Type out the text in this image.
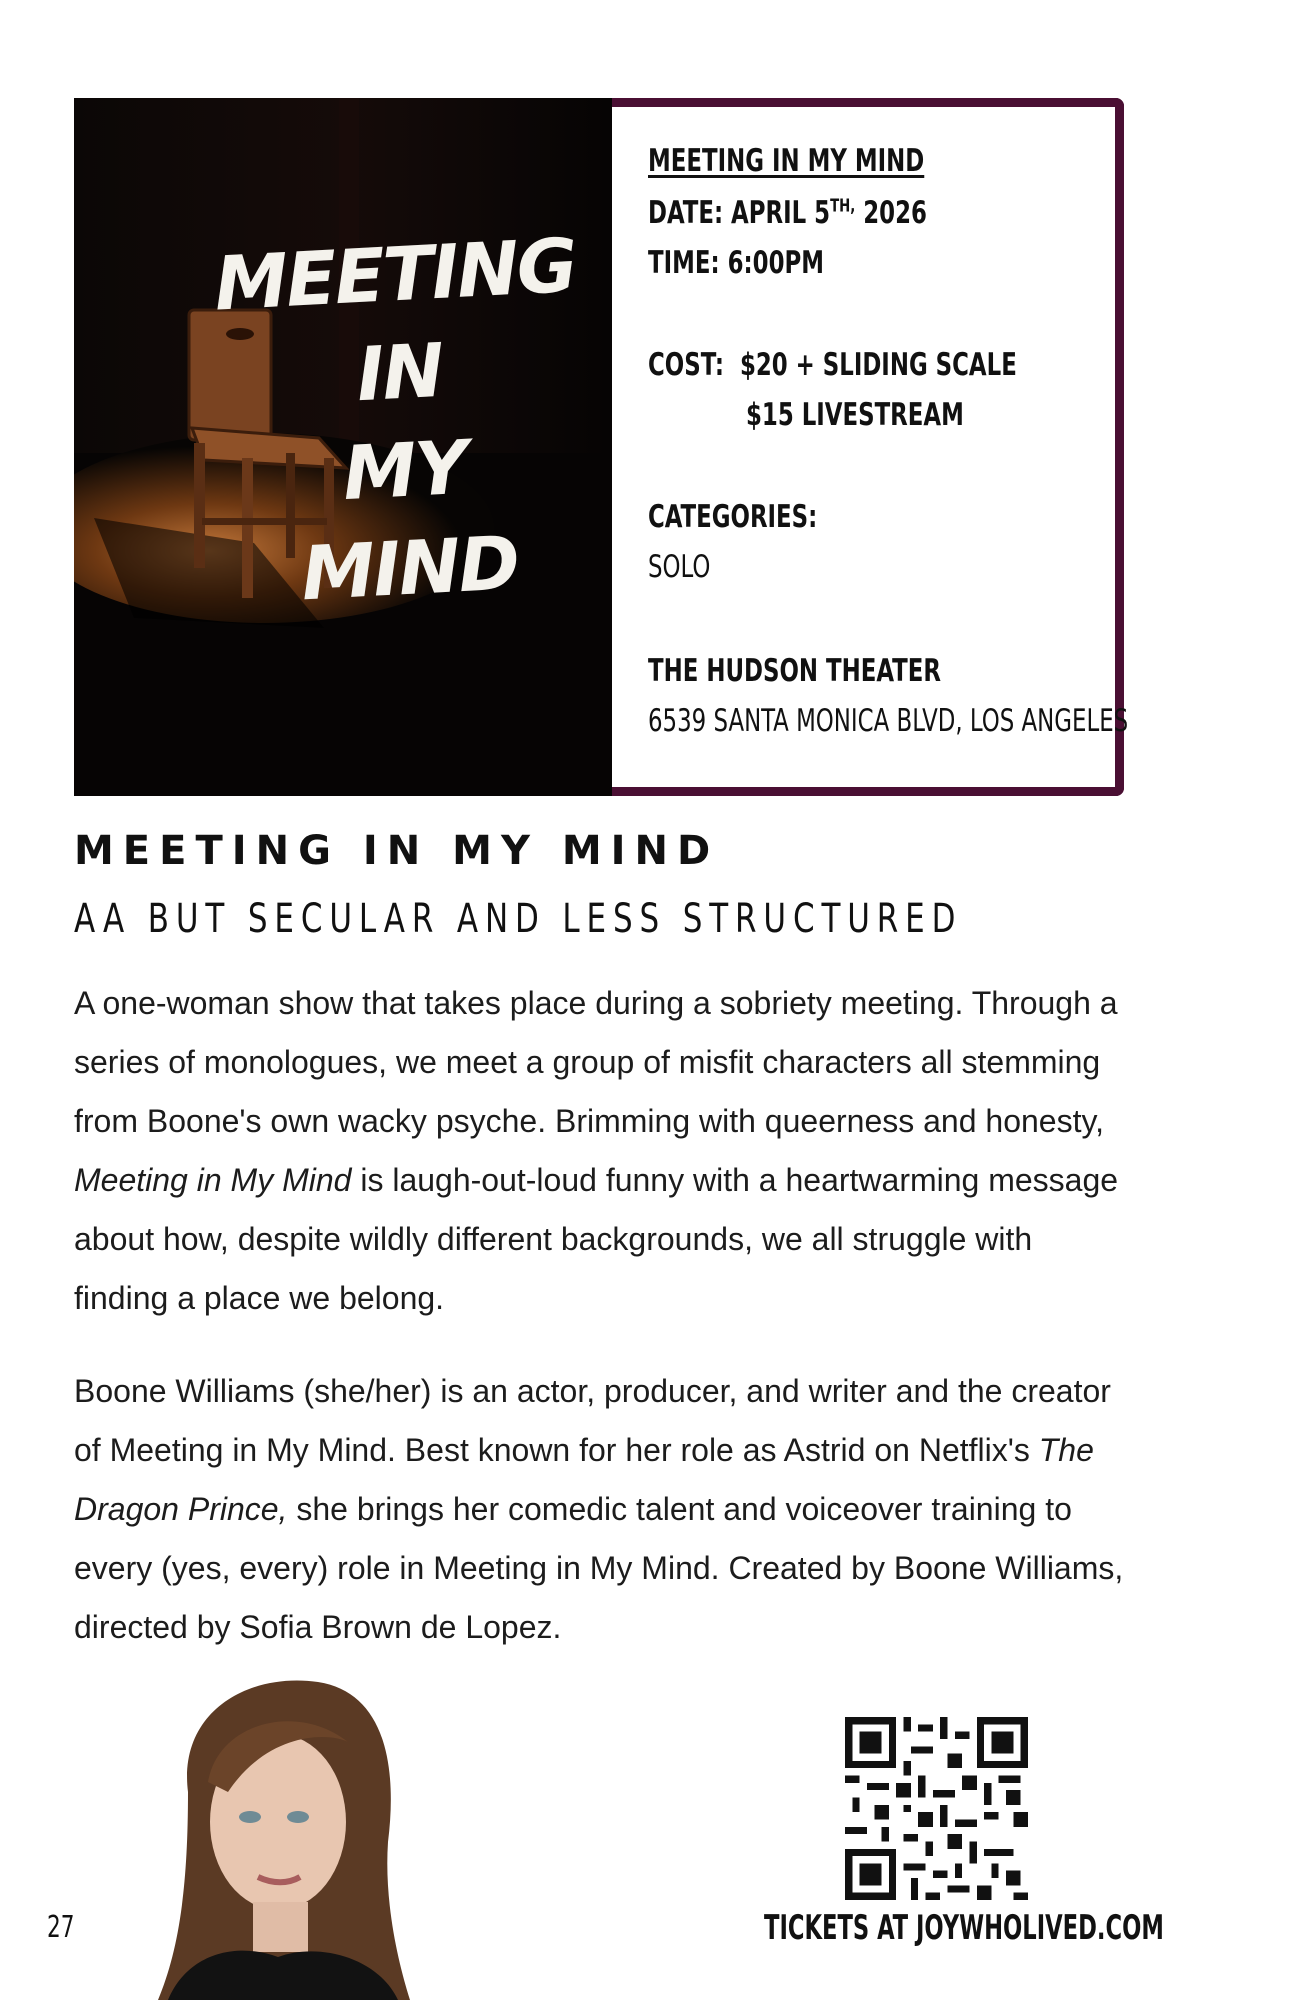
MEETING
IN
MY
MIND

MEETING IN MY MIND

DATE: APRIL $5^{TH,}$ 2026

TIME: 6:00PM

COST:  $20 + SLIDING SCALE

$15 LIVESTREAM

CATEGORIES:

SOLO

THE HUDSON THEATER

6539 SANTA MONICA BLVD, LOS ANGELES

MEETING IN MY MIND
AA BUT SECULAR AND LESS STRUCTURED

A one-woman show that takes place during a sobriety meeting. Through a series of monologues, we meet a group of misfit characters all stemming from Boone's own wacky psyche. Brimming with queerness and honesty, Meeting in My Mind is laugh-out-loud funny with a heartwarming message about how, despite wildly different backgrounds, we all struggle with finding a place we belong.

Boone Williams (she/her) is an actor, producer, and writer and the creator of Meeting in My Mind. Best known for her role as Astrid on Netflix's The Dragon Prince, she brings her comedic talent and voiceover training to every (yes, every) role in Meeting in My Mind. Created by Boone Williams, directed by Sofia Brown de Lopez.

27	TICKETS AT JOYWHOLIVED.COM
